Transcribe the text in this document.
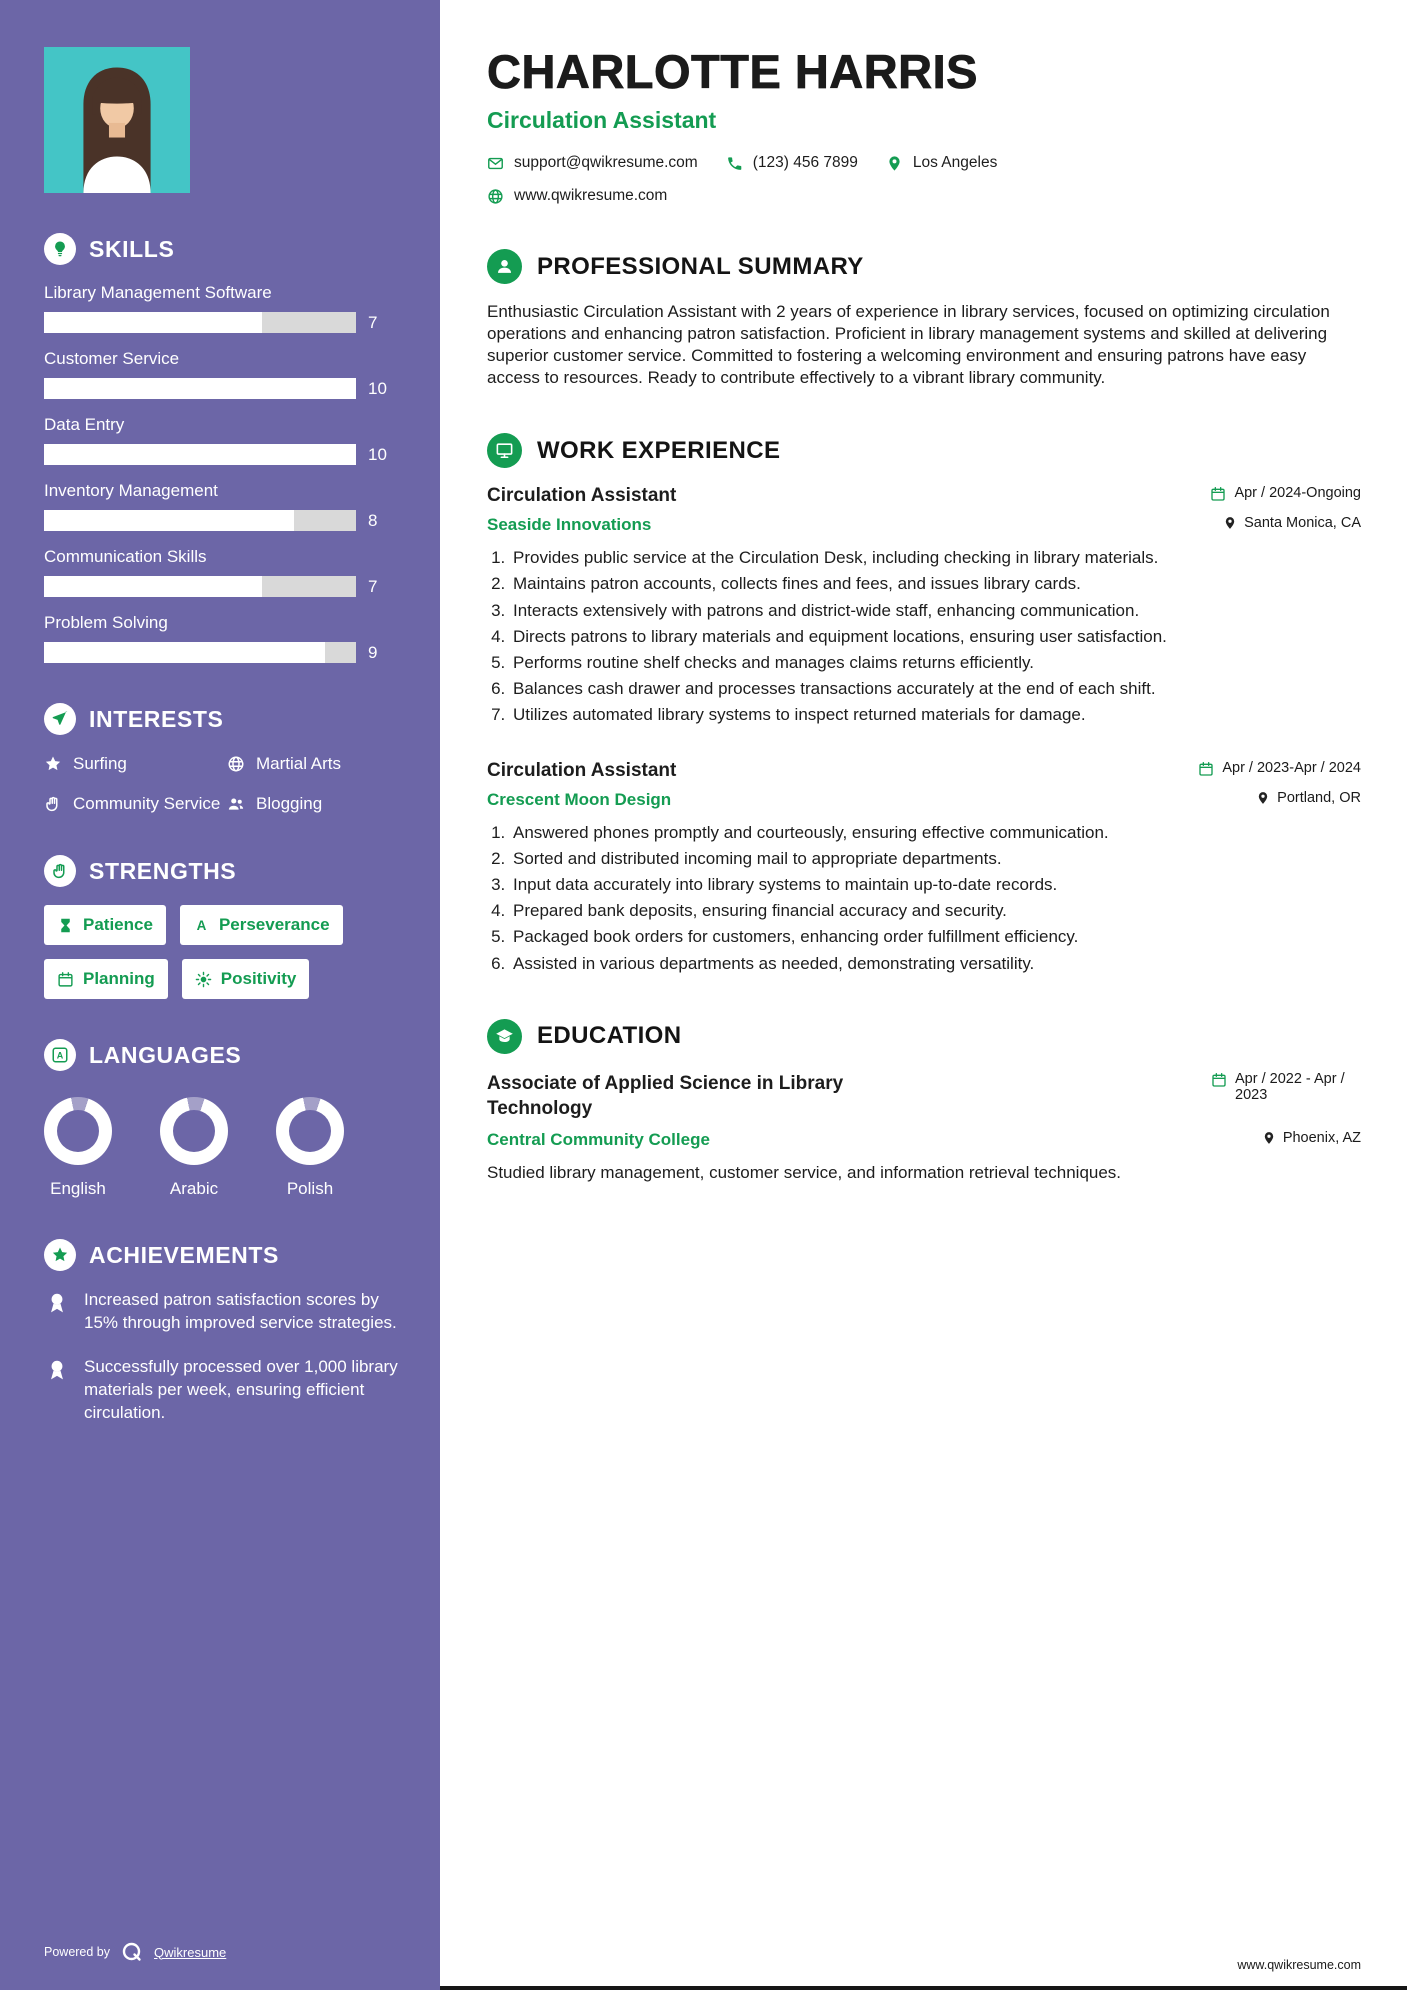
SKILLS
Library Management Software
7
Customer Service
10
Data Entry
10
Inventory Management
8
Communication Skills
7
Problem Solving
9
INTERESTS
Surfing	Martial Arts
Community Service Blogging
STRENGTHS
Patience	Perseverance
Planning	Positivity
LANGUAGES
English	Arabic	Polish
ACHIEVEMENTS
Increased patron satisfaction scores by 15% through improved service strategies.
Successfully processed over 1,000 library materials per week, ensuring efficient circulation.
Powered by	Qwikresume
CHARLOTTE HARRIS
Circulation Assistant
support@qwikresume.com	(123) 456 7899	Los Angeles
www.qwikresume.com
PROFESSIONAL SUMMARY

Enthusiastic Circulation Assistant with 2 years of experience in library services, focused on optimizing circulation operations and enhancing patron satisfaction. Proficient in library management systems and skilled at delivering superior customer service. Committed to fostering a welcoming environment and ensuring patrons have easy access to resources. Ready to contribute effectively to a vibrant library community.

WORK EXPERIENCE
Circulation Assistant	Apr / 2024-Ongoing
Seaside Innovations	Santa Monica, CA
1. Provides public service at the Circulation Desk, including checking in library materials.
2. Maintains patron accounts, collects fines and fees, and issues library cards.
3. Interacts extensively with patrons and district-wide staff, enhancing communication.
4. Directs patrons to library materials and equipment locations, ensuring user satisfaction.
5. Performs routine shelf checks and manages claims returns efficiently.
6. Balances cash drawer and processes transactions accurately at the end of each shift.
7. Utilizes automated library systems to inspect returned materials for damage.
Circulation Assistant	Apr / 2023-Apr / 2024
Crescent Moon Design	Portland, OR
1. Answered phones promptly and courteously, ensuring effective communication.
2. Sorted and distributed incoming mail to appropriate departments.
3. Input data accurately into library systems to maintain up-to-date records.
4. Prepared bank deposits, ensuring financial accuracy and security.
5. Packaged book orders for customers, enhancing order fulfillment efficiency.
6. Assisted in various departments as needed, demonstrating versatility.
EDUCATION
Associate of Applied Science in Library Technology
Apr / 2022 - Apr / 2023
Central Community College	Phoenix, AZ

Studied library management, customer service, and information retrieval techniques.

www.qwikresume.com
